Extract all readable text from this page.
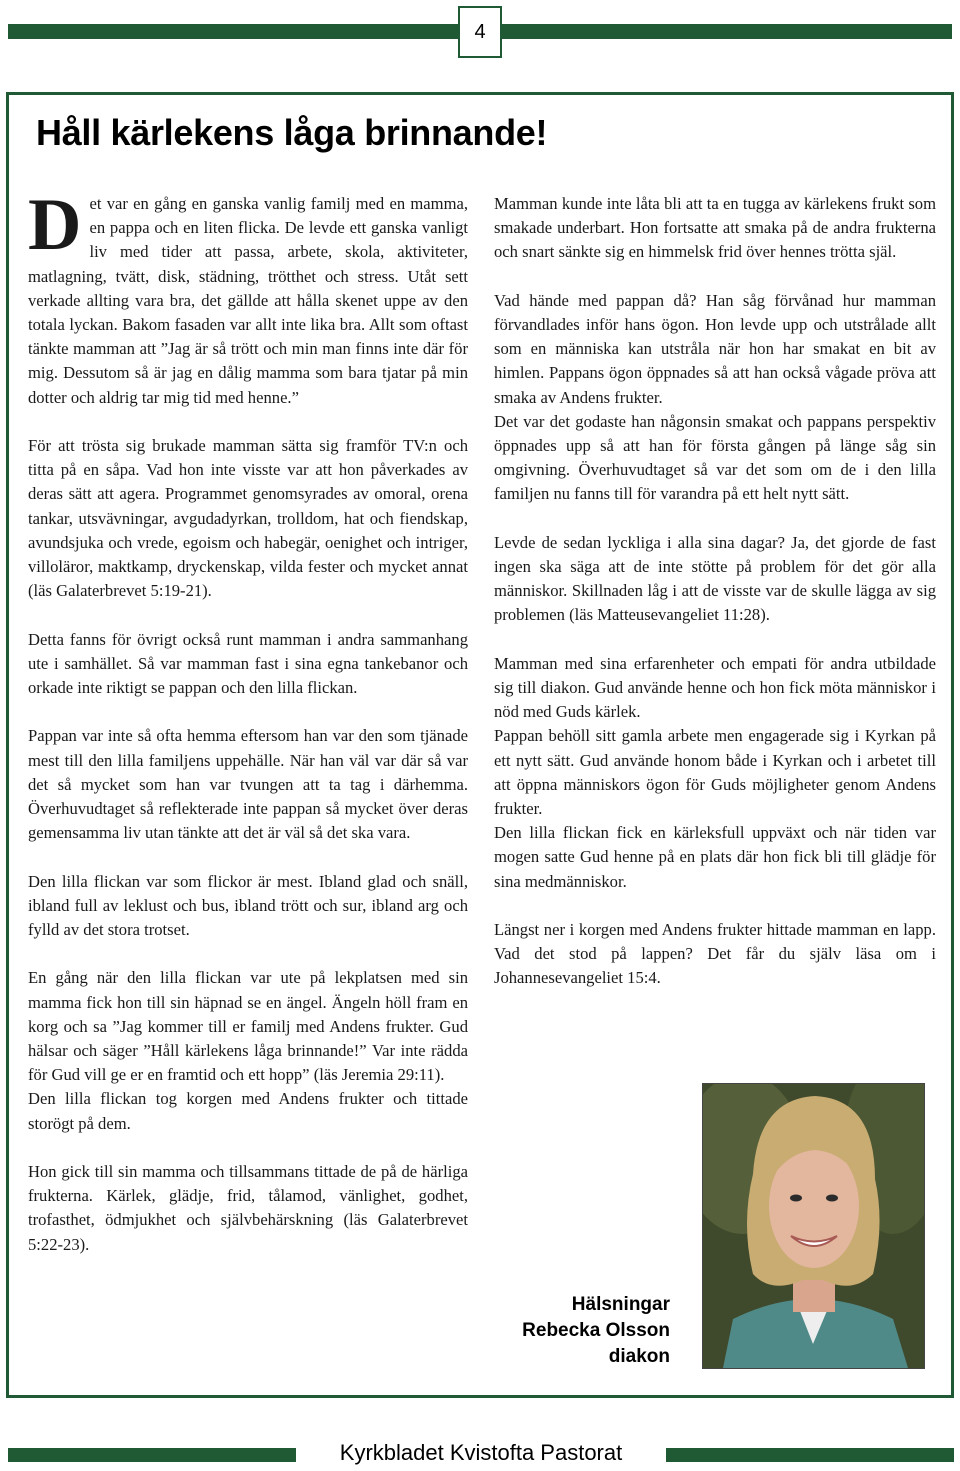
4
Håll kärlekens låga brinnande!

Det var en gång en ganska vanlig familj med en mamma, en pappa och en liten flicka. De levde ett ganska vanligt liv med tider att passa, arbete, skola, aktiviteter, matlagning, tvätt, disk, städning, trötthet och stress. Utåt sett verkade allting vara bra, det gällde att hålla skenet uppe av den totala lyckan. Bakom fasaden var allt inte lika bra. Allt som oftast tänkte mamman att ”Jag är så trött och min man finns inte där för mig. Dessutom så är jag en dålig mamma som bara tjatar på min dotter och aldrig tar mig tid med henne.”

För att trösta sig brukade mamman sätta sig framför TV:n och titta på en såpa. Vad hon inte visste var att hon påverkades av deras sätt att agera. Programmet genomsyrades av omoral, orena tankar, utsvävningar, avgudadyrkan, trolldom, hat och fiendskap, avundsjuka och vrede, egoism och habegär, oenighet och intriger, villoläror, maktkamp, dryckenskap, vilda fester och mycket annat (läs Galaterbrevet 5:19-21).

Detta fanns för övrigt också runt mamman i andra sammanhang ute i samhället. Så var mamman fast i sina egna tankebanor och orkade inte riktigt se pappan och den lilla flickan.

Pappan var inte så ofta hemma eftersom han var den som tjänade mest till den lilla familjens uppehälle. När han väl var där så var det så mycket som han var tvungen att ta tag i därhemma. Överhuvudtaget så reflekterade inte pappan så mycket över deras gemensamma liv utan tänkte att det är väl så det ska vara.

Den lilla flickan var som flickor är mest. Ibland glad och snäll, ibland full av leklust och bus, ibland trött och sur, ibland arg och fylld av det stora trotset.

En gång när den lilla flickan var ute på lekplatsen med sin mamma fick hon till sin häpnad se en ängel. Ängeln höll fram en korg och sa ”Jag kommer till er familj med Andens frukter. Gud hälsar och säger ”Håll kärlekens låga brinnande!” Var inte rädda för Gud vill ge er en framtid och ett hopp” (läs Jeremia 29:11).

Den lilla flickan tog korgen med Andens frukter och tittade storögt på dem.

Hon gick till sin mamma och tillsammans tittade de på de härliga frukterna. Kärlek, glädje, frid, tålamod, vänlighet, godhet, trofasthet, ödmjukhet och självbehärskning (läs Galaterbrevet 5:22-23).

Mamman kunde inte låta bli att ta en tugga av kärlekens frukt som smakade underbart. Hon fortsatte att smaka på de andra frukterna och snart sänkte sig en himmelsk frid över hennes trötta själ.

Vad hände med pappan då? Han såg förvånad hur mamman förvandlades inför hans ögon. Hon levde upp och utstrålade allt som en människa kan utstråla när hon har smakat en bit av himlen. Pappans ögon öppnades så att han också vågade pröva att smaka av Andens frukter.

Det var det godaste han någonsin smakat och pappans perspektiv öppnades upp så att han för första gången på länge såg sin omgivning. Överhuvudtaget så var det som om de i den lilla familjen nu fanns till för varandra på ett helt nytt sätt.

Levde de sedan lyckliga i alla sina dagar? Ja, det gjorde de fast ingen ska säga att de inte stötte på problem för det gör alla människor. Skillnaden låg i att de visste var de skulle lägga av sig problemen (läs Matteusevangeliet 11:28).

Mamman med sina erfarenheter och empati för andra utbildade sig till diakon. Gud använde henne och hon fick möta människor i nöd med Guds kärlek.

Pappan behöll sitt gamla arbete men engagerade sig i Kyrkan på ett nytt sätt. Gud använde honom både i Kyrkan och i arbetet till att öppna människors ögon för Guds möjligheter genom Andens frukter.

Den lilla flickan fick en kärleksfull uppväxt och när tiden var mogen satte Gud henne på en plats där hon fick bli till glädje för sina medmänniskor.

Längst ner i korgen med Andens frukter hittade mamman en lapp. Vad det stod på lappen? Det får du själv läsa om i Johannesevangeliet 15:4.

Hälsningar
Rebecka Olsson
diakon
Kyrkbladet Kvistofta Pastorat
